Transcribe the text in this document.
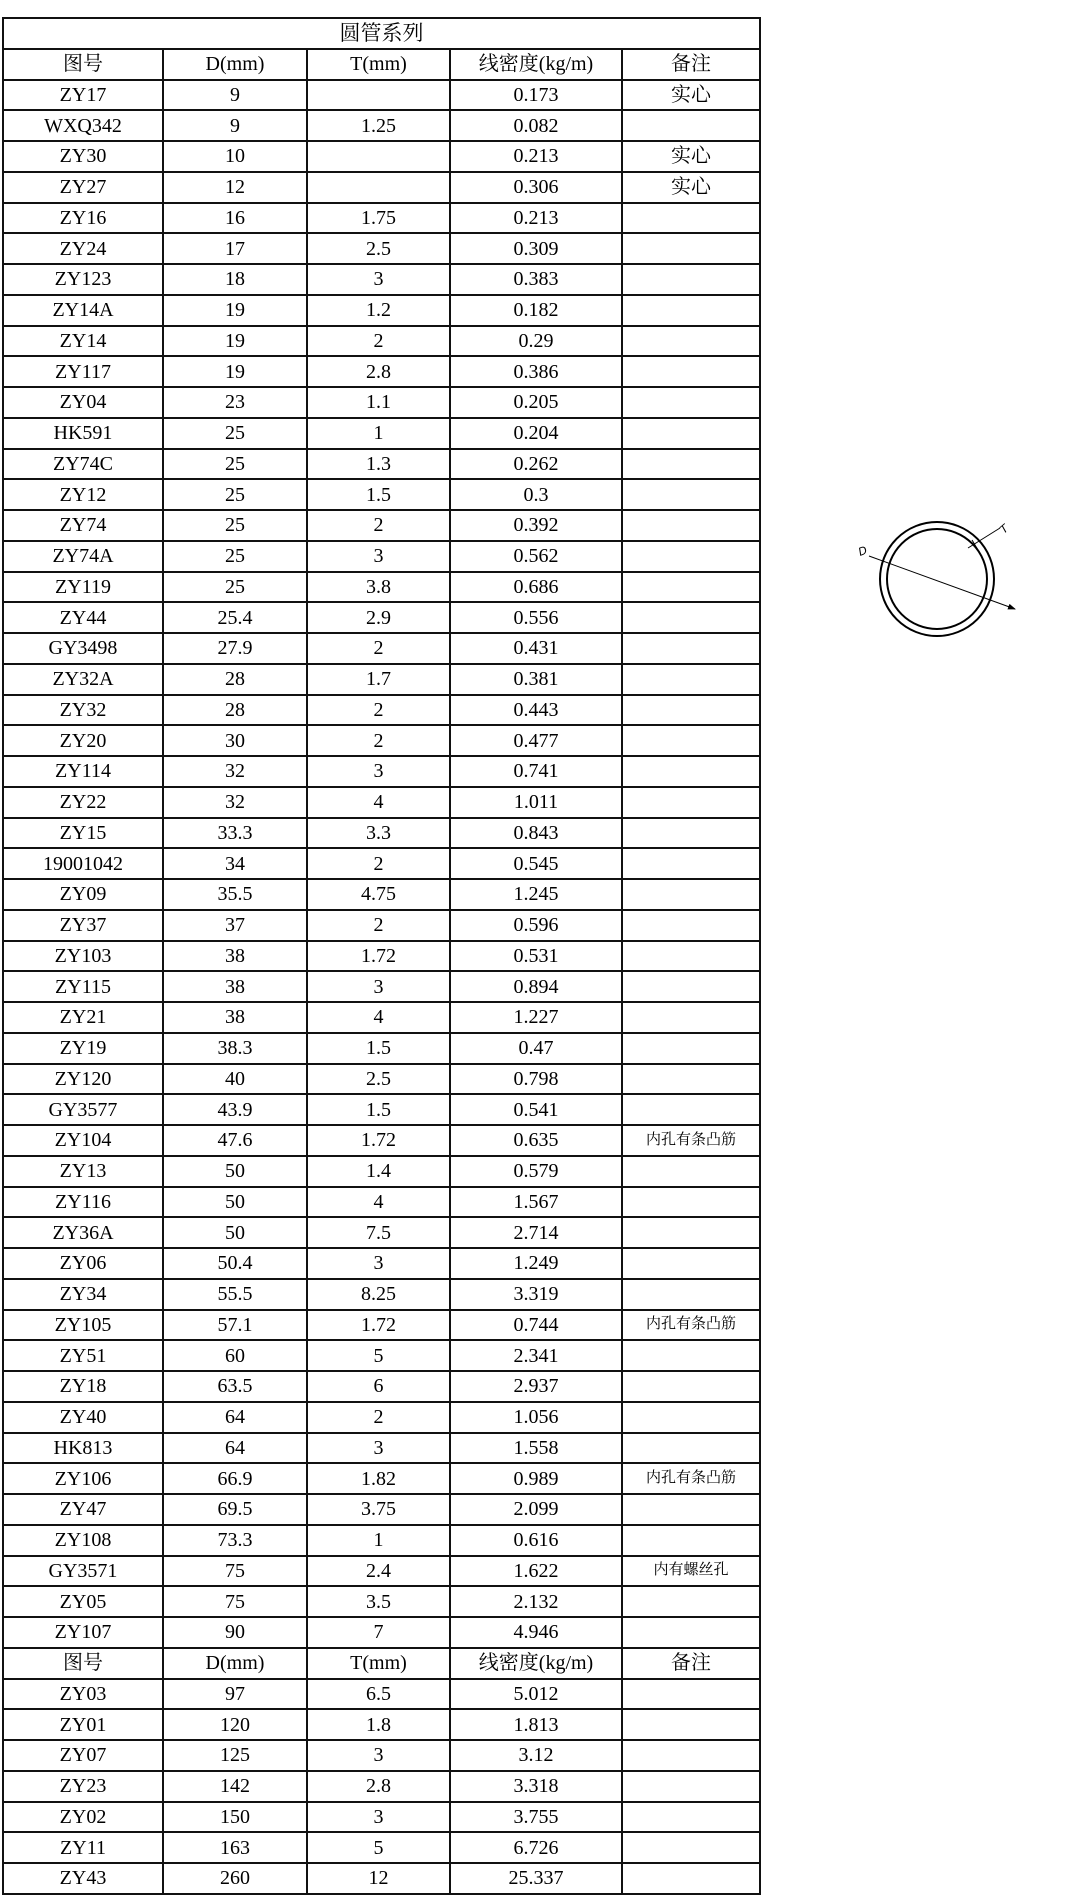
圆管系列				
图号	D(mm)	T(mm)	线密度(kg/m)	备注
ZY17	9		0.173	实心
WXQ342	9	1.25	0.082	
ZY30	10		0.213	实心
ZY27	12		0.306	实心
ZY16	16	1.75	0.213	
ZY24	17	2.5	0.309	
ZY123	18	3	0.383	
ZY14A	19	1.2	0.182	
ZY14	19	2	0.29	
ZY117	19	2.8	0.386	
ZY04	23	1.1	0.205	
HK591	25	1	0.204	
ZY74C	25	1.3	0.262	
ZY12	25	1.5	0.3	
ZY74	25	2	0.392	
ZY74A	25	3	0.562	
ZY119	25	3.8	0.686	
ZY44	25.4	2.9	0.556	
GY3498	27.9	2	0.431	
ZY32A	28	1.7	0.381	
ZY32	28	2	0.443	
ZY20	30	2	0.477	
ZY114	32	3	0.741	
ZY22	32	4	1.011	
ZY15	33.3	3.3	0.843	
19001042	34	2	0.545	
ZY09	35.5	4.75	1.245	
ZY37	37	2	0.596	
ZY103	38	1.72	0.531	
ZY115	38	3	0.894	
ZY21	38	4	1.227	
ZY19	38.3	1.5	0.47	
ZY120	40	2.5	0.798	
GY3577	43.9	1.5	0.541	
ZY104	47.6	1.72	0.635	内孔有条凸筋
ZY13	50	1.4	0.579	
ZY116	50	4	1.567	
ZY36A	50	7.5	2.714	
ZY06	50.4	3	1.249	
ZY34	55.5	8.25	3.319	
ZY105	57.1	1.72	0.744	内孔有条凸筋
ZY51	60	5	2.341	
ZY18	63.5	6	2.937	
ZY40	64	2	1.056	
HK813	64	3	1.558	
ZY106	66.9	1.82	0.989	内孔有条凸筋
ZY47	69.5	3.75	2.099	
ZY108	73.3	1	0.616	
GY3571	75	2.4	1.622	内有螺丝孔
ZY05	75	3.5	2.132	
ZY107	90	7	4.946	
图号	D(mm)	T(mm)	线密度(kg/m)	备注
ZY03	97	6.5	5.012	
ZY01	120	1.8	1.813	
ZY07	125	3	3.12	
ZY23	142	2.8	3.318	
ZY02	150	3	3.755	
ZY11	163	5	6.726	
ZY43	260	12	25.337	
D
T
